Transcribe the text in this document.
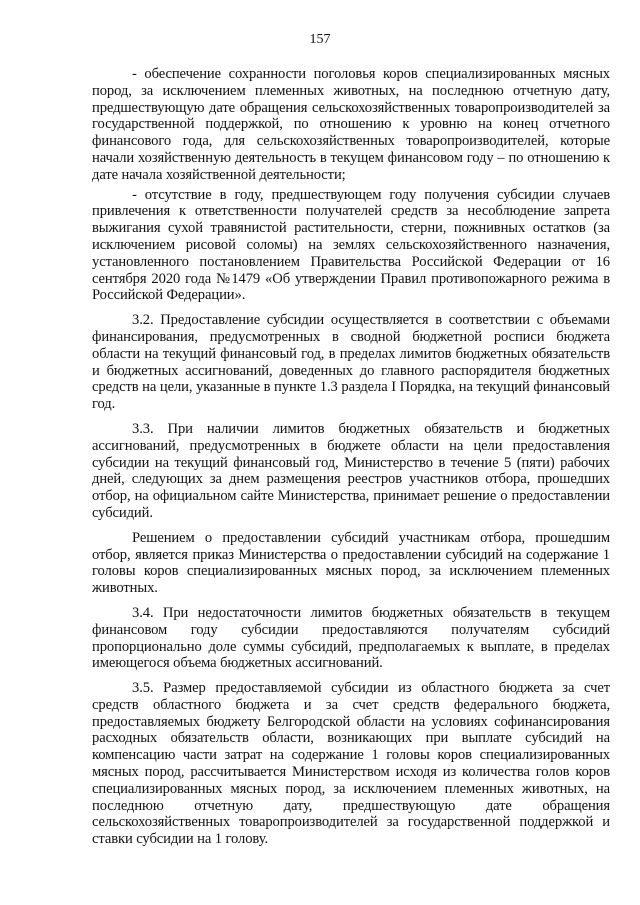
157

- обеспечение сохранности поголовья коров специализированных мясных пород, за исключением племенных животных, на последнюю отчетную дату, предшествующую дате обращения сельскохозяйственных товаропроизводителей за государственной поддержкой, по отношению к уровню на конец отчетного финансового года, для сельскохозяйственных товаропроизводителей, которые начали хозяйственную деятельность в текущем финансовом году – по отношению к дате начала хозяйственной деятельности;

- отсутствие в году, предшествующем году получения субсидии случаев привлечения к ответственности получателей средств за несоблюдение запрета выжигания сухой травянистой растительности, стерни, пожнивных остатков (за исключением рисовой соломы) на землях сельскохозяйственного назначения, установленного постановлением Правительства Российской Федерации от 16 сентября 2020 года №1479 «Об утверждении Правил противопожарного режима в Российской Федерации».

3.2. Предоставление субсидии осуществляется в соответствии с объемами финансирования, предусмотренных в сводной бюджетной росписи бюджета области на текущий финансовый год, в пределах лимитов бюджетных обязательств и бюджетных ассигнований, доведенных до главного распорядителя бюджетных средств на цели, указанные в пункте 1.3 раздела I Порядка, на текущий финансовый год.

3.3. При наличии лимитов бюджетных обязательств и бюджетных ассигнований, предусмотренных в бюджете области на цели предоставления субсидии на текущий финансовый год, Министерство в течение 5 (пяти) рабочих дней, следующих за днем размещения реестров участников отбора, прошедших отбор, на официальном сайте Министерства, принимает решение о предоставлении субсидий.

Решением о предоставлении субсидий участникам отбора, прошедшим отбор, является приказ Министерства о предоставлении субсидий на содержание 1 головы коров специализированных мясных пород, за исключением племенных животных.

3.4. При недостаточности лимитов бюджетных обязательств в текущем финансовом году субсидии предоставляются получателям субсидий пропорционально доле суммы субсидий, предполагаемых к выплате, в пределах имеющегося объема бюджетных ассигнований.

3.5. Размер предоставляемой субсидии из областного бюджета за счет средств областного бюджета и за счет средств федерального бюджета, предоставляемых бюджету Белгородской области на условиях софинансирования расходных обязательств области, возникающих при выплате субсидий на компенсацию части затрат на содержание 1 головы коров специализированных мясных пород, рассчитывается Министерством исходя из количества голов коров специализированных мясных пород, за исключением племенных животных, на последнюю отчетную дату, предшествующую дате обращения сельскохозяйственных товаропроизводителей за государственной поддержкой и ставки субсидии на 1 голову.
